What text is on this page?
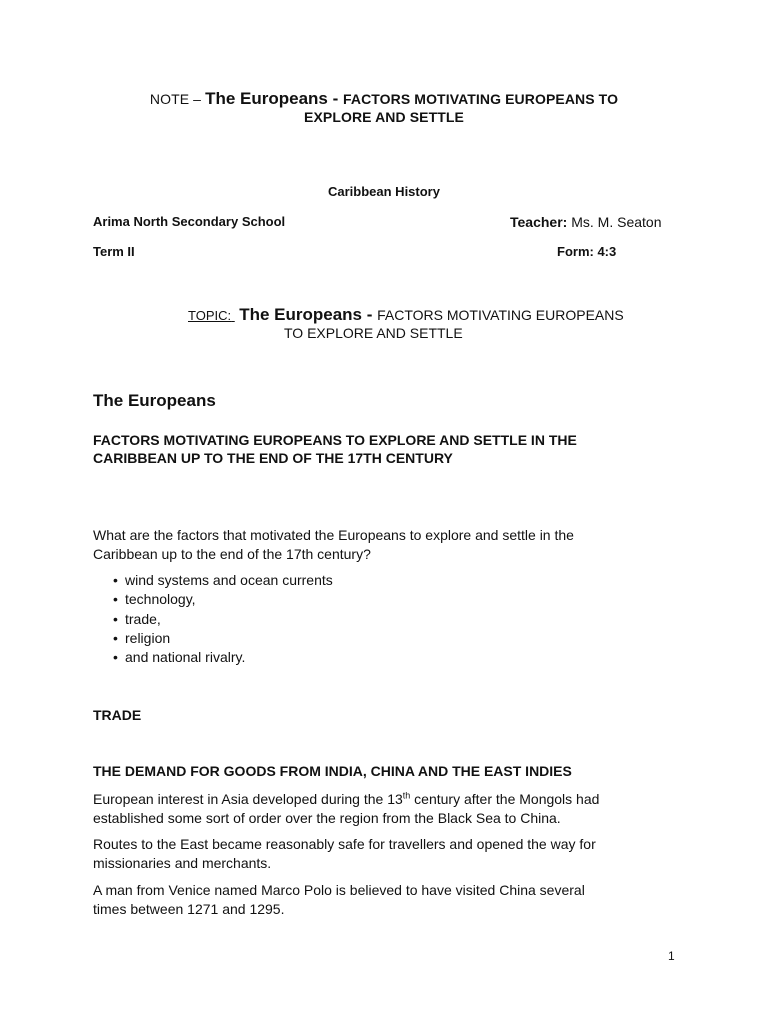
NOTE – The Europeans - FACTORS MOTIVATING EUROPEANS TO
EXPLORE AND SETTLE
Caribbean History
Arima North Secondary School	Teacher: Ms. M. Seaton
Term II	Form: 4:3
TOPIC: The Europeans - FACTORS MOTIVATING EUROPEANS
TO EXPLORE AND SETTLE
The Europeans
FACTORS MOTIVATING EUROPEANS TO EXPLORE AND SETTLE IN THE
CARIBBEAN UP TO THE END OF THE 17TH CENTURY
What are the factors that motivated the Europeans to explore and settle in the
Caribbean up to the end of the 17th century?
• wind systems and ocean currents
• technology,
• trade,
• religion
• and national rivalry.
TRADE
THE DEMAND FOR GOODS FROM INDIA, CHINA AND THE EAST INDIES
European interest in Asia developed during the 13th century after the Mongols had
established some sort of order over the region from the Black Sea to China.
Routes to the East became reasonably safe for travellers and opened the way for
missionaries and merchants.
A man from Venice named Marco Polo is believed to have visited China several
times between 1271 and 1295.
1
